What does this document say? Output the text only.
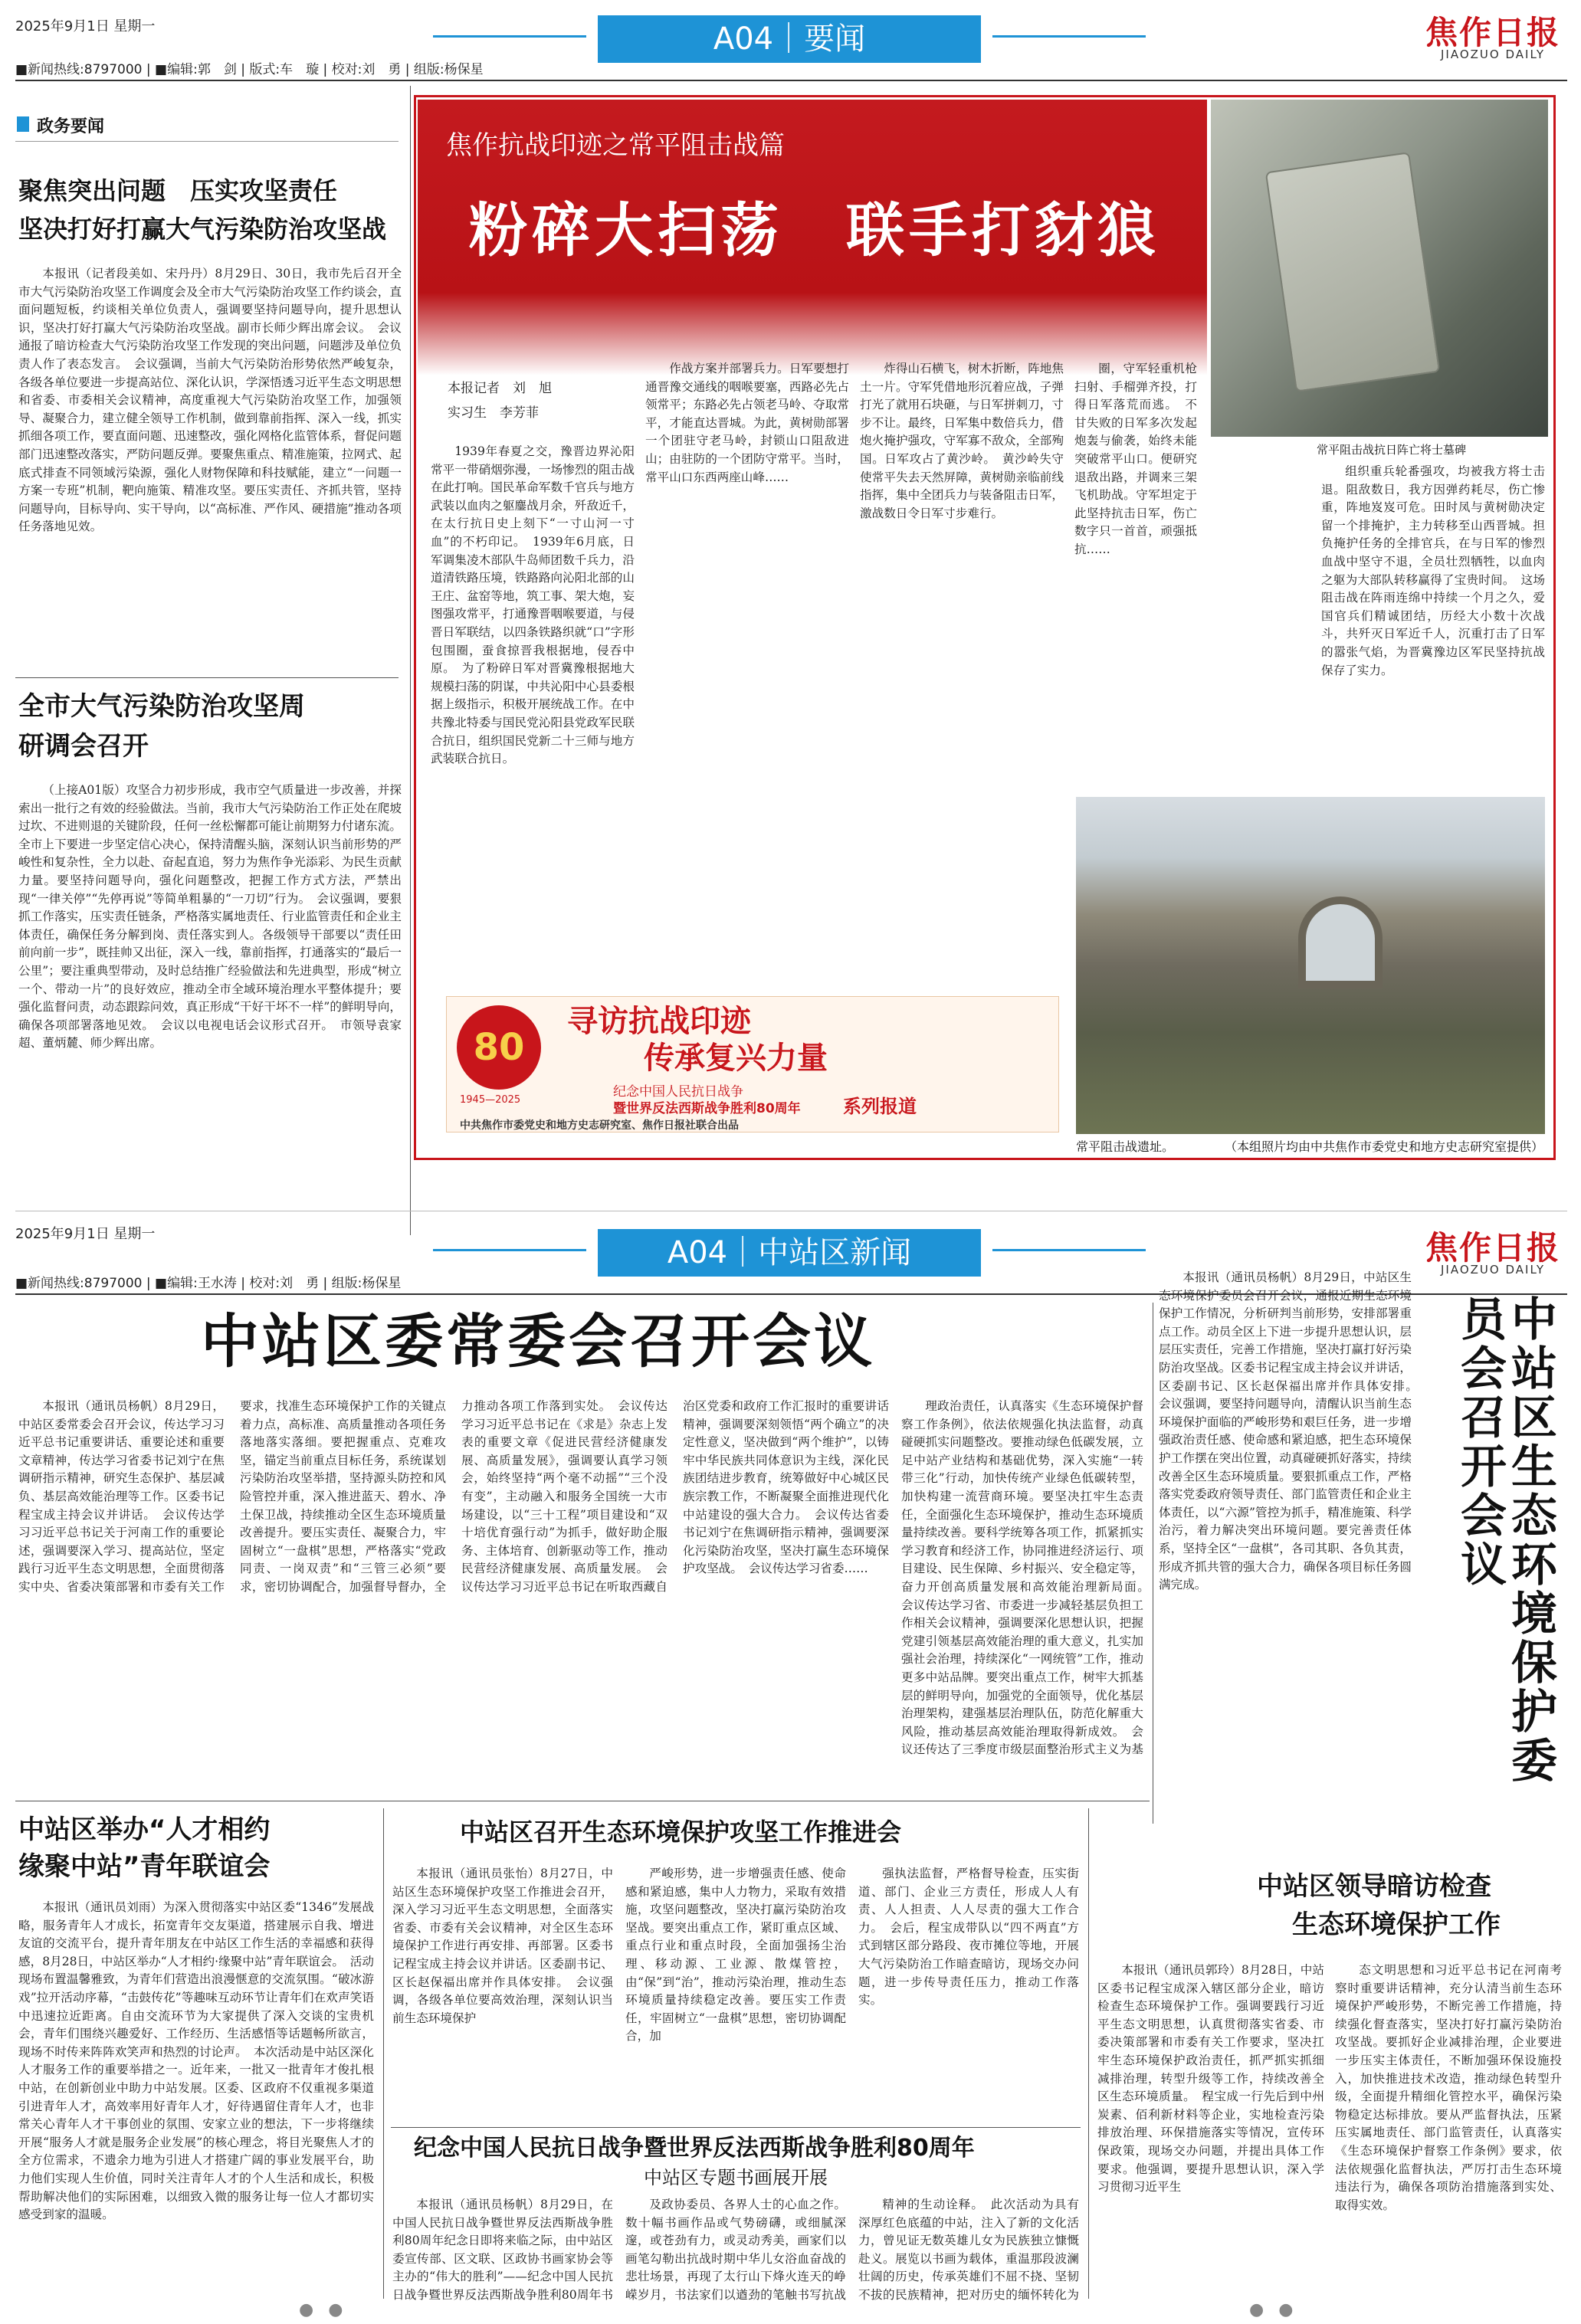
2025年9月1日 星期一	A04｜要闻	焦作日报
JIAOZUO DAILY
■新闻热线:8797000 | ■编辑:郭　剑 | 版式:车　璇 | 校对:刘　勇 | 组版:杨保星
政务要闻
聚焦突出问题　压实攻坚责任
坚决打好打赢大气污染防治攻坚战
本报讯（记者段美如、宋丹丹）8月29日、30日，我市先后召开全市大气污染防治攻坚工作调度会及全市大气污染防治攻坚工作约谈会，直面问题短板，约谈相关单位负责人，强调要坚持问题导向，提升思想认识，坚决打好打赢大气污染防治攻坚战。副市长师少辉出席会议。　会议通报了暗访检查大气污染防治攻坚工作发现的突出问题，问题涉及单位负责人作了表态发言。　会议强调，当前大气污染防治形势依然严峻复杂，各级各单位要进一步提高站位、深化认识，学深悟透习近平生态文明思想和省委、市委相关会议精神，高度重视大气污染防治攻坚工作，加强领导、凝聚合力，建立健全领导工作机制，做到靠前指挥、深入一线，抓实抓细各项工作，要直面问题、迅速整改，强化网格化监管体系，督促问题部门迅速整改落实，严防问题反弹。要聚焦重点、精准施策，拉网式、起底式排查不同领域污染源，强化人财物保障和科技赋能，建立“一问题一方案一专班”机制，靶向施策、精准攻坚。要压实责任、齐抓共管，坚持问题导向，目标导向、实干导向，以“高标准、严作风、硬措施”推动各项任务落地见效。
全市大气污染防治攻坚周
研调会召开
（上接A01版）攻坚合力初步形成，我市空气质量进一步改善，并探索出一批行之有效的经验做法。当前，我市大气污染防治工作正处在爬坡过坎、不进则退的关键阶段，任何一丝松懈都可能让前期努力付诸东流。全市上下要进一步坚定信心决心，保持清醒头脑，深刻认识当前形势的严峻性和复杂性，全力以赴、奋起直追，努力为焦作争光添彩、为民生贡献力量。要坚持问题导向，强化问题整改，把握工作方式方法，严禁出现“一律关停”“先停再说”等简单粗暴的“一刀切”行为。　会议强调，要狠抓工作落实，压实责任链条，严格落实属地责任、行业监管责任和企业主体责任，确保任务分解到岗、责任落实到人。各级领导干部要以“责任田前向前一步”，既挂帅又出征，深入一线，靠前指挥，打通落实的“最后一公里”；要注重典型带动，及时总结推广经验做法和先进典型，形成“树立一个、带动一片”的良好效应，推动全市全域环境治理水平整体提升；要强化监督问责，动态跟踪问效，真正形成“干好干坏不一样”的鲜明导向，确保各项部署落地见效。　会议以电视电话会议形式召开。　市领导袁家超、董炳麓、师少辉出席。
焦作抗战印迹之常平阻击战篇
粉碎大扫荡　联手打豺狼
常平阻击战抗日阵亡将士墓碑
本报记者　刘　旭
实习生　李芳菲
1939年春夏之交，豫晋边界沁阳常平一带硝烟弥漫，一场惨烈的阻击战在此打响。国民革命军数千官兵与地方武装以血肉之躯鏖战月余，歼敌近千，在太行抗日史上刻下“一寸山河一寸血”的不朽印记。　1939年6月底，日军调集凌木部队牛岛师团数千兵力，沿道清铁路压境，铁路路向沁阳北部的山王庄、盆窑等地，筑工事、架大炮，妄图强攻常平，打通豫晋咽喉要道，与侵晋日军联结，以四条铁路织就“口”字形包围圈，蚕食掠晋我根据地，侵吞中原。　为了粉碎日军对晋冀豫根据地大规模扫荡的阴谋，中共沁阳中心县委根据上级指示，积极开展统战工作。在中共豫北特委与国民党沁阳县党政军民联合抗日，组织国民党新二十三师与地方武装联合抗日。
作战方案并部署兵力。日军要想打通晋豫交通线的咽喉要塞，西路必先占领常平；东路必先占领老马岭、夺取常平，才能直达晋城。为此，黄树勋部署一个团驻守老马岭，封锁山口阻敌进山；由驻防的一个团防守常平。当时，常平山口东西两座山峰……
炸得山石横飞，树木折断，阵地焦土一片。守军凭借地形沉着应战，子弹打光了就用石块砸，与日军拼刺刀，寸步不让。最终，日军集中数倍兵力，借炮火掩护强攻，守军寡不敌众，全部殉国。日军攻占了黄沙岭。　黄沙岭失守使常平失去天然屏障，黄树勋亲临前线指挥，集中全团兵力与装备阻击日军，激战数日令日军寸步难行。
圈，守军轻重机枪扫射、手榴弹齐投，打得日军落荒而逃。　不甘失败的日军多次发起炮轰与偷袭，始终未能突破常平山口。便研究退敌出路，并调来三架飞机助战。守军坦定于此坚持抗击日军，伤亡数字只一首首，顽强抵抗……
组织重兵轮番强攻，均被我方将士击退。阻敌数日，我方因弹药耗尽，伤亡惨重，阵地岌岌可危。田时凤与黄树勋决定留一个排掩护，主力转移至山西晋城。担负掩护任务的全排官兵，在与日军的惨烈血战中坚守不退，全员壮烈牺牲，以血肉之躯为大部队转移赢得了宝贵时间。　这场阻击战在阵雨连绵中持续一个月之久，爱国官兵们精诚团结，历经大小数十次战斗，共歼灭日军近千人，沉重打击了日军的嚣张气焰，为晋冀豫边区军民坚持抗战保存了实力。
常平阻击战遗址。	（本组照片均由中共焦作市委党史和地方史志研究室提供）
80
1945—2025
寻访抗战印迹
传承复兴力量
纪念中国人民抗日战争
暨世界反法西斯战争胜利80周年 系列报道
中共焦作市委党史和地方史志研究室、焦作日报社联合出品
2025年9月1日 星期一
A04｜中站区新闻	焦作日报
JIAOZUO DAILY
■新闻热线:8797000 | ■编辑:王水涛 | 校对:刘　勇 | 组版:杨保星
中站区委常委会召开会议
本报讯（通讯员杨帆）8月29日，中站区委常委会召开会议，传达学习习近平总书记重要讲话、重要论述和重要文章精神，传达学习省委书记刘宁在焦调研指示精神，研究生态保护、基层减负、基层高效能治理等工作。区委书记程宝成主持会议并讲话。　会议传达学习习近平总书记关于河南工作的重要论述，强调要深入学习、提高站位，坚定践行习近平生态文明思想，全面贯彻落实中央、省委决策部署和市委有关工作要求，找准生态环境保护工作的关键点着力点，高标准、高质量推动各项任务落地落实落细。要把握重点、克难攻坚，锚定当前重点目标任务，系统谋划污染防治攻坚举措，坚持源头防控和风险管控并重，深入推进蓝天、碧水、净土保卫战，持续推动全区生态环境质量改善提升。要压实责任、凝聚合力，牢固树立“一盘棋”思想，严格落实“党政同责、一岗双责”和“三管三必须”要求，密切协调配合，加强督导督办，全力推动各项工作落到实处。　会议传达学习习近平总书记在《求是》杂志上发表的重要文章《促进民营经济健康发展、高质量发展》，强调要认真学习领会，始终坚持“两个毫不动摇”“三个没有变”，主动融入和服务全国统一大市场建设，以“三十工程”项目建设和“双十培优育强行动”为抓手，做好助企服务、主体培育、创新驱动等工作，推动民营经济健康发展、高质量发展。　会议传达学习习近平总书记在听取西藏自治区党委和政府工作汇报时的重要讲话精神，强调要深刻领悟“两个确立”的决定性意义，坚决做到“两个维护”，以铸牢中华民族共同体意识为主线，深化民族团结进步教育，统筹做好中心城区民族宗教工作，不断凝聚全面推进现代化中站建设的强大合力。　会议传达省委书记刘宁在焦调研指示精神，强调要深化污染防治攻坚，坚决打赢生态环境保护攻坚战。　会议传达学习省委……
理政治责任，认真落实《生态环境保护督察工作条例》，依法依规强化执法监督，动真碰硬抓实问题整改。要推动绿色低碳发展，立足中站产业结构和基础优势，深入实施“一转带三化”行动，加快传统产业绿色低碳转型，加快构建一流营商环境。要坚决扛牢生态责任，全面强化生态环境保护，推动生态环境质量持续改善。要科学统筹各项工作，抓紧抓实学习教育和经济工作，协同推进经济运行、项目建设、民生保障、乡村振兴、安全稳定等，奋力开创高质量发展和高效能治理新局面。　会议传达学习省、市委进一步减轻基层负担工作相关会议精神，强调要深化思想认识，把握党建引领基层高效能治理的重大意义，扎实加强社会治理，持续深化“一网统管”工作，推动更多中站品牌。要突出重点工作，树牢大抓基层的鲜明导向，加强党的全面领导，优化基层治理架构，建强基层治理队伍，防范化解重大风险，推动基层高效能治理取得新成效。　会议还传达了三季度市级层面整治形式主义为基
本报讯（通讯员杨帆）8月29日，中站区生态环境保护委员会召开会议，通报近期生态环境保护工作情况，分析研判当前形势，安排部署重点工作。动员全区上下进一步提升思想认识，层层压实责任，完善工作措施，坚决打赢打好污染防治攻坚战。区委书记程宝成主持会议并讲话，区委副书记、区长赵保福出席并作具体安排。　会议强调，要坚持问题导向，清醒认识当前生态环境保护面临的严峻形势和艰巨任务，进一步增强政治责任感、使命感和紧迫感，把生态环境保护工作摆在突出位置，动真碰硬抓好落实，持续改善全区生态环境质量。要狠抓重点工作，严格落实党委政府领导责任、部门监管责任和企业主体责任，以“六源”管控为抓手，精准施策、科学治污，着力解决突出环境问题。要完善责任体系，坚持全区“一盘棋”，各司其职、各负其责，形成齐抓共管的强大合力，确保各项目标任务圆满完成。	中站区生态环境保护委员会召开会议
中站区举办“人才相约
缘聚中站”青年联谊会
本报讯（通讯员刘雨）为深入贯彻落实中站区委“1346”发展战略，服务青年人才成长，拓宽青年交友渠道，搭建展示自我、增进友谊的交流平台，提升青年朋友在中站区工作生活的幸福感和获得感，8月28日，中站区举办“人才相约·缘聚中站”青年联谊会。　活动现场布置温馨雅致，为青年们营造出浪漫惬意的交流氛围。“破冰游戏”拉开活动序幕，“击鼓传花”等趣味互动环节让青年们在欢声笑语中迅速拉近距离。自由交流环节为大家提供了深入交谈的宝贵机会，青年们围绕兴趣爱好、工作经历、生活感悟等话题畅所欲言，现场不时传来阵阵欢笑声和热烈的讨论声。　本次活动是中站区深化人才服务工作的重要举措之一。近年来，一批又一批青年才俊扎根中站，在创新创业中助力中站发展。区委、区政府不仅重视多渠道引进青年人才，高效率用好青年人才，好待遇留住青年人才，也非常关心青年人才干事创业的氛围、安家立业的想法，下一步将继续开展“服务人才就是服务企业发展”的核心理念，将目光聚焦人才的全方位需求，不遗余力地为引进人才搭建广阔的事业发展平台，助力他们实现人生价值，同时关注青年人才的个人生活和成长，积极帮助解决他们的实际困难，以细致入微的服务让每一位人才都切实感受到家的温暖。
中站区召开生态环境保护攻坚工作推进会
本报讯（通讯员张怡）8月27日，中站区生态环境保护攻坚工作推进会召开，深入学习习近平生态文明思想，全面落实省委、市委有关会议精神，对全区生态环境保护工作进行再安排、再部署。区委书记程宝成主持会议并讲话。区委副书记、区长赵保福出席并作具体安排。　会议强调，各级各单位要高效治理，深刻认识当前生态环境保护
严峻形势，进一步增强责任感、使命感和紧迫感，集中人力物力，采取有效措施，攻坚问题整改，坚决打赢污染防治攻坚战。要突出重点工作，紧盯重点区域、重点行业和重点时段，全面加强扬尘治理、移动源、工业源、散煤管控，由“保”到“治”，推动污染治理，推动生态环境质量持续稳定改善。要压实工作责任，牢固树立“一盘棋”思想，密切协调配合，加
强执法监督，严格督导检查，压实街道、部门、企业三方责任，形成人人有责、人人担责、人人尽责的强大工作合力。　会后，程宝成带队以“四不两直”方式到辖区部分路段、夜市摊位等地，开展大气污染防治工作暗查暗访，现场交办问题，进一步传导责任压力，推动工作落实。
纪念中国人民抗日战争暨世界反法西斯战争胜利80周年
中站区专题书画展开展
本报讯（通讯员杨帆）8月29日，在中国人民抗日战争暨世界反法西斯战争胜利80周年纪念日即将来临之际，由中站区委宣传部、区文联、区政协书画家协会等主办的“伟大的胜利”——纪念中国人民抗日战争暨世界反法西斯战争胜利80周年书　
及政协委员、各界人士的心血之作。数十幅书画作品或气势磅礴，或细腻深邃，或苍劲有力，或灵动秀美，画家们以画笔勾勒出抗战时期中华儿女浴血奋战的悲壮场景，再现了太行山下烽火连天的峥嵘岁月，书法家们以遒劲的笔触书写抗战
精神的生动诠释。　此次活动为具有深厚红色底蕴的中站，注入了新的文化活力，曾见证无数英雄儿女为民族独立慷慨赴义。展览以书画为载体，重温那段波澜壮阔的历史，传承英雄们不屈不挠、坚韧不拔的民族精神，把对历史的缅怀转化为
中站区领导暗访检查
生态环境保护工作
本报讯（通讯员郭玲）8月28日，中站区委书记程宝成深入辖区部分企业，暗访检查生态环境保护工作。强调要践行习近平生态文明思想，认真贯彻落实省委、市委决策部署和市委有关工作要求，坚决扛牢生态环境保护政治责任，抓严抓实抓细减排治理，转型升级等工作，持续改善全区生态环境质量。　程宝成一行先后到中州炭素、佰利新材料等企业，实地检查污染排放治理、环保措施落实等情况，宣传环保政策，现场交办问题，并提出具体工作要求。他强调，要提升思想认识，深入学习贯彻习近平生
态文明思想和习近平总书记在河南考察时重要讲话精神，充分认清当前生态环境保护严峻形势，不断完善工作措施，持续强化督查落实，坚决打好打赢污染防治攻坚战。要抓好企业减排治理，企业要进一步压实主体责任，不断加强环保设施投入，加快推进技术改造，推动绿色转型升级，全面提升精细化管控水平，确保污染物稳定达标排放。要从严监督执法，压紧压实属地责任、部门监管责任，认真落实《生态环境保护督察工作条例》要求，依法依规强化监督执法，严厉打击生态环境违法行为，确保各项防治措施落到实处、取得实效。
● ●	● ●
